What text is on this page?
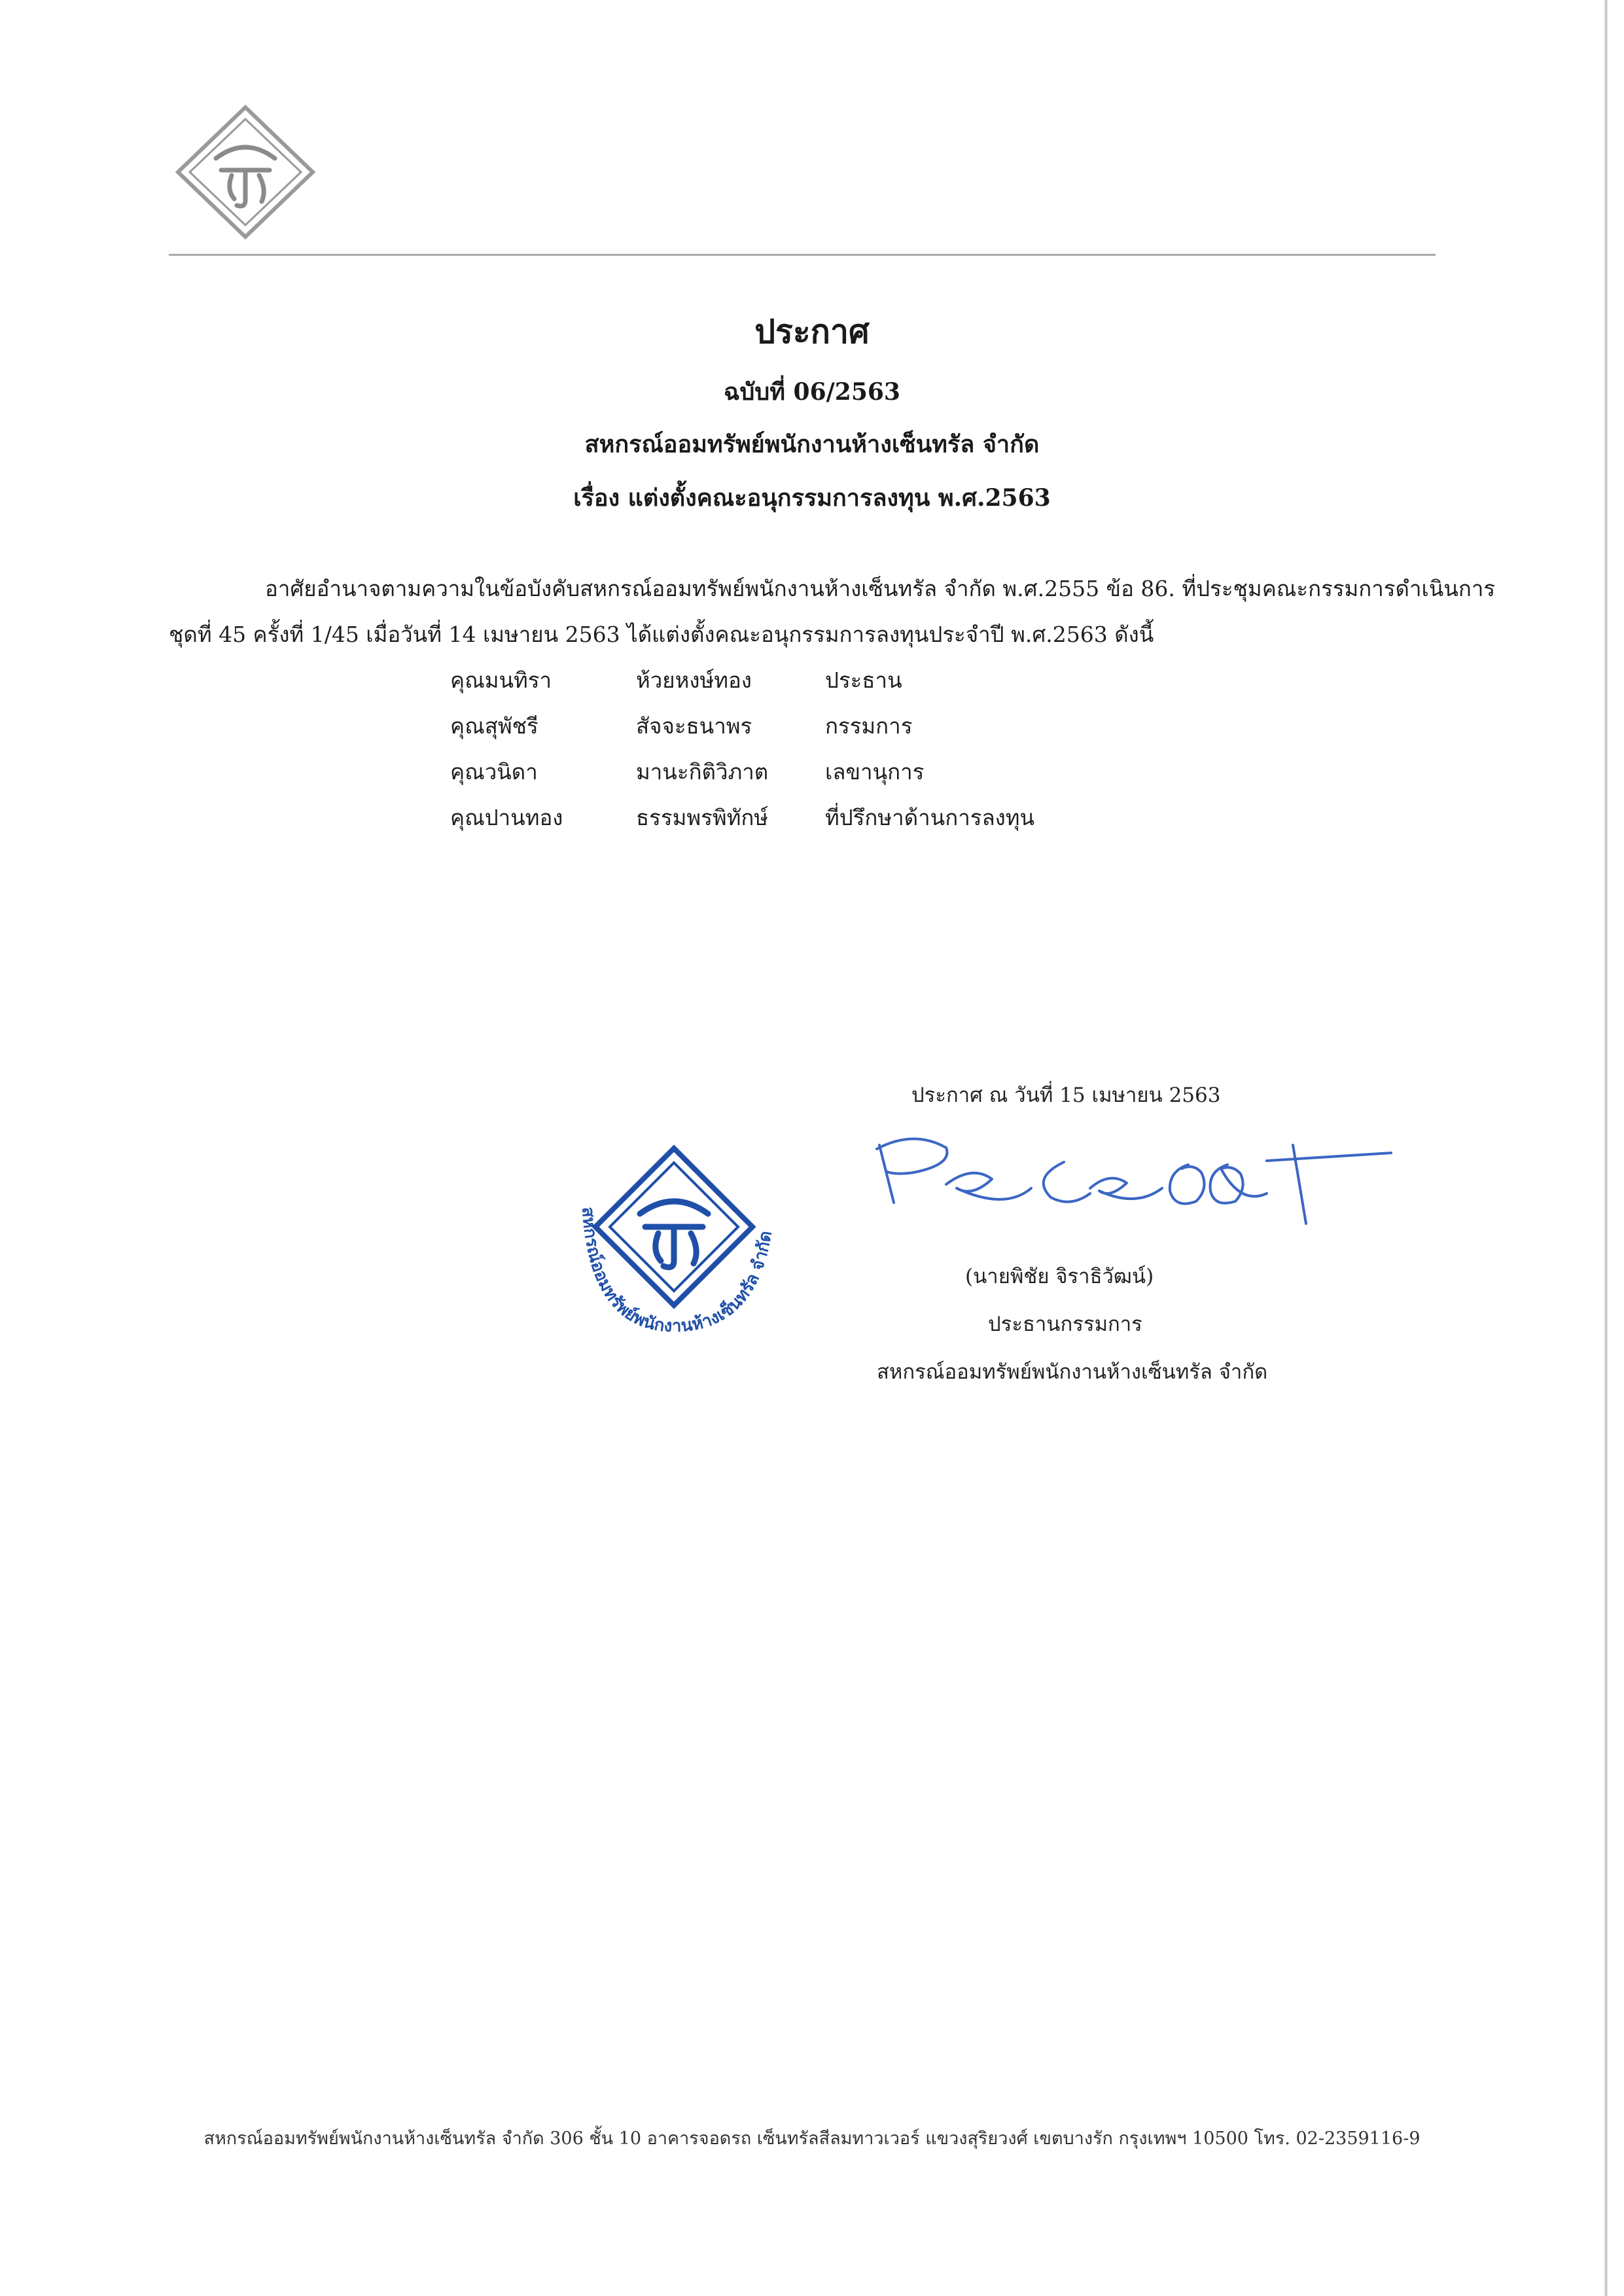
ประกาศ
ฉบับที่ 06/2563
สหกรณ์ออมทรัพย์พนักงานห้างเซ็นทรัล จำกัด
เรื่อง แต่งตั้งคณะอนุกรรมการลงทุน พ.ศ.2563
อาศัยอำนาจตามความในข้อบังคับสหกรณ์ออมทรัพย์พนักงานห้างเซ็นทรัล จำกัด พ.ศ.2555 ข้อ 86. ที่ประชุมคณะกรรมการดำเนินการ
ชุดที่ 45 ครั้งที่ 1/45 เมื่อวันที่ 14 เมษายน 2563 ได้แต่งตั้งคณะอนุกรรมการลงทุนประจำปี พ.ศ.2563 ดังนี้
คุณมนทิรา	ห้วยหงษ์ทอง	ประธาน
คุณสุพัชรี	สัจจะธนาพร	กรรมการ
คุณวนิดา	มานะกิติวิภาต	เลขานุการ
คุณปานทอง	ธรรมพรพิทักษ์	ที่ปรึกษาด้านการลงทุน
ประกาศ ณ วันที่ 15 เมษายน 2563
สหกรณ์ออมทรัพย์พนักงานห้างเซ็นทรัล จำกัด
(นายพิชัย จิราธิวัฒน์)
ประธานกรรมการ
สหกรณ์ออมทรัพย์พนักงานห้างเซ็นทรัล จำกัด
สหกรณ์ออมทรัพย์พนักงานห้างเซ็นทรัล จำกัด 306 ชั้น 10 อาคารจอดรถ เซ็นทรัลสีลมทาวเวอร์ แขวงสุริยวงศ์ เขตบางรัก กรุงเทพฯ 10500 โทร. 02-2359116-9
